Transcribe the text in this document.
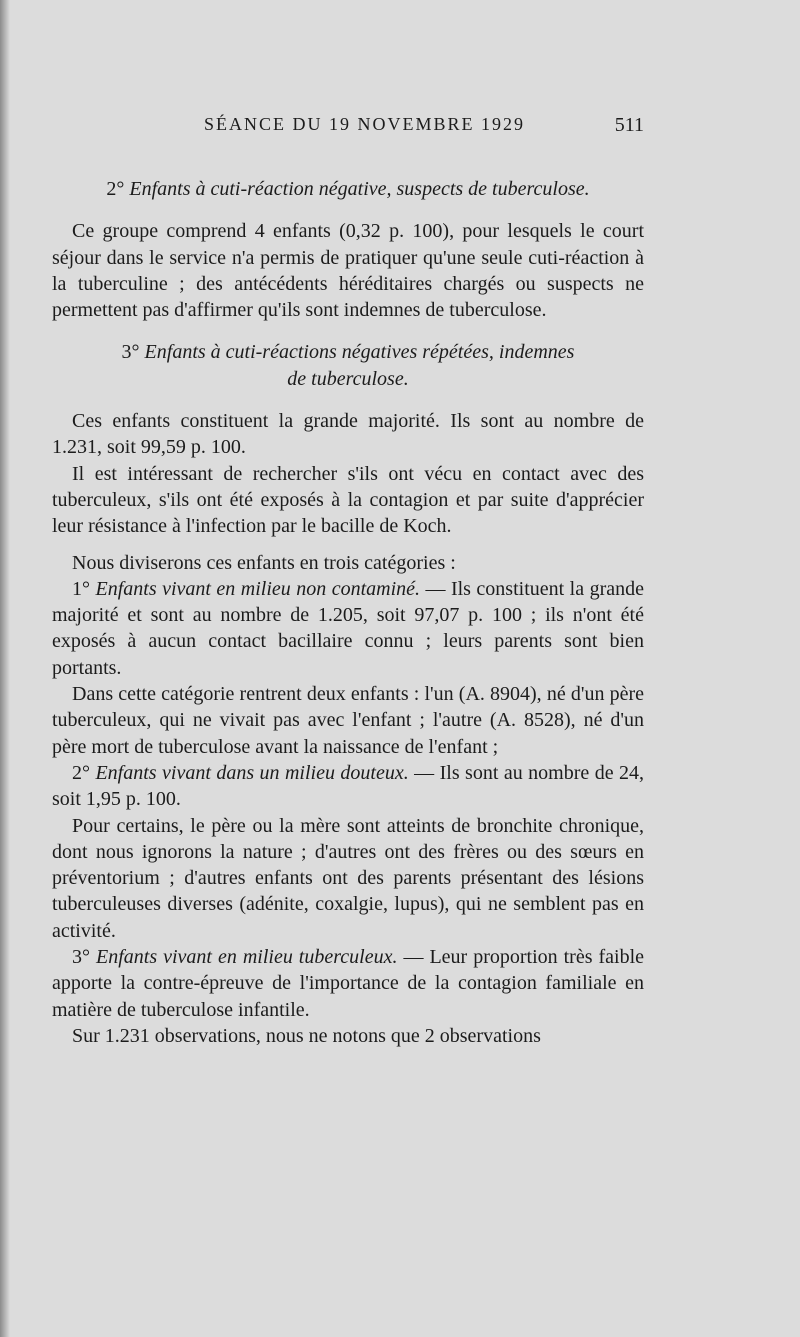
SÉANCE DU 19 NOVEMBRE 1929	511
2° Enfants à cuti-réaction négative, suspects de tuberculose.

Ce groupe comprend 4 enfants (0,32 p. 100), pour lesquels le court séjour dans le service n'a permis de pratiquer qu'une seule cuti-réaction à la tuberculine ; des antécédents héréditaires chargés ou suspects ne permettent pas d'affirmer qu'ils sont indemnes de tuberculose.

3° Enfants à cuti-réactions négatives répétées, indemnes
de tuberculose.

Ces enfants constituent la grande majorité. Ils sont au nombre de 1.231, soit 99,59 p. 100.

Il est intéressant de rechercher s'ils ont vécu en contact avec des tuberculeux, s'ils ont été exposés à la contagion et par suite d'apprécier leur résistance à l'infection par le bacille de Koch.

Nous diviserons ces enfants en trois catégories :

1° Enfants vivant en milieu non contaminé. — Ils constituent la grande majorité et sont au nombre de 1.205, soit 97,07 p. 100 ; ils n'ont été exposés à aucun contact bacillaire connu ; leurs parents sont bien portants.

Dans cette catégorie rentrent deux enfants : l'un (A. 8904), né d'un père tuberculeux, qui ne vivait pas avec l'enfant ; l'autre (A. 8528), né d'un père mort de tuberculose avant la naissance de l'enfant ;

2° Enfants vivant dans un milieu douteux. — Ils sont au nombre de 24, soit 1,95 p. 100.

Pour certains, le père ou la mère sont atteints de bronchite chronique, dont nous ignorons la nature ; d'autres ont des frères ou des sœurs en préventorium ; d'autres enfants ont des parents présentant des lésions tuberculeuses diverses (adénite, coxalgie, lupus), qui ne semblent pas en activité.

3° Enfants vivant en milieu tuberculeux. — Leur proportion très faible apporte la contre-épreuve de l'importance de la contagion familiale en matière de tuberculose infantile.

Sur 1.231 observations, nous ne notons que 2 observations
